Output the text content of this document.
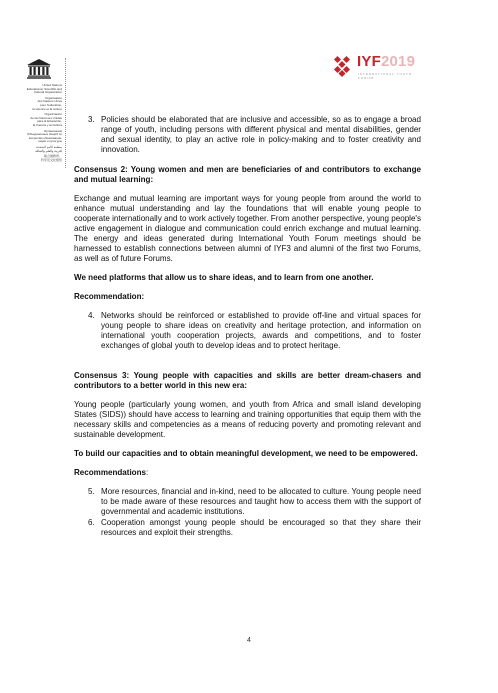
United Nations
Educational, Scientific and
Cultural Organization
Organisation
des Nations Unies
pour l'éducation,
la science et la culture
Organización
de las Naciones Unidas
para la Educación,
la Ciencia y la Cultura
Организация
Объединенных Наций по
вопросам образования,
науки и культуры
منظمة الأمم المتحدة
للتربية والعلم والثقافة
联合国教育、
科学及文化组织
IYF2019
INTERNATIONAL YOUTH FORUM
3. Policies should be elaborated that are inclusive and accessible, so as to engage a broad range of youth, including persons with different physical and mental disabilities, gender and sexual identity, to play an active role in policy-making and to foster creativity and innovation.

Consensus 2: Young women and men are beneficiaries of and contributors to exchange and mutual learning:

Exchange and mutual learning are important ways for young people from around the world to enhance mutual understanding and lay the foundations that will enable young people to cooperate internationally and to work actively together. From another perspective, young people's active engagement in dialogue and communication could enrich exchange and mutual learning. The energy and ideas generated during International Youth Forum meetings should be harnessed to establish connections between alumni of IYF3 and alumni of the first two Forums, as well as of future Forums.

We need platforms that allow us to share ideas, and to learn from one another.

Recommendation:

4. Networks should be reinforced or established to provide off-line and virtual spaces for young people to share ideas on creativity and heritage protection, and information on international youth cooperation projects, awards and competitions, and to foster exchanges of global youth to develop ideas and to protect heritage.

Consensus 3: Young people with capacities and skills are better dream-chasers and contributors to a better world in this new era:

Young people (particularly young women, and youth from Africa and small island developing States (SIDS)) should have access to learning and training opportunities that equip them with the necessary skills and competencies as a means of reducing poverty and promoting relevant and sustainable development.

To build our capacities and to obtain meaningful development, we need to be empowered.

Recommendations:

5. More resources, financial and in-kind, need to be allocated to culture. Young people need to be made aware of these resources and taught how to access them with the support of governmental and academic institutions.
6. Cooperation amongst young people should be encouraged so that they share their resources and exploit their strengths.
4
